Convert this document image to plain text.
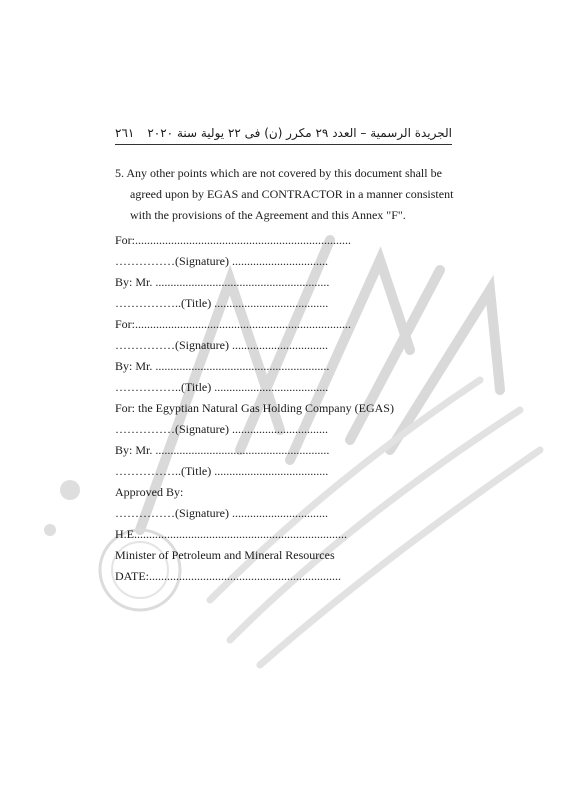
٢٦١ الجريدة الرسمية – العدد ٢٩ مكرر (ن) فى ٢٢ يولية سنة ٢٠٢٠
5. Any other points which are not covered by this document shall be
agreed upon by EGAS and CONTRACTOR in a manner consistent
with the provisions of the Agreement and this Annex "F".
For:........................................................................
……………(Signature) ................................
By: Mr. ..........................................................
……………..(Title) ......................................
For:........................................................................
……………(Signature) ................................
By: Mr. ..........................................................
……………..(Title) ......................................
For: the Egyptian Natural Gas Holding Company (EGAS)
……………(Signature) ................................
By: Mr. ..........................................................
……………..(Title) ......................................
Approved By:
……………(Signature) ................................
H.E.......................................................................
Minister of Petroleum and Mineral Resources
DATE:................................................................
